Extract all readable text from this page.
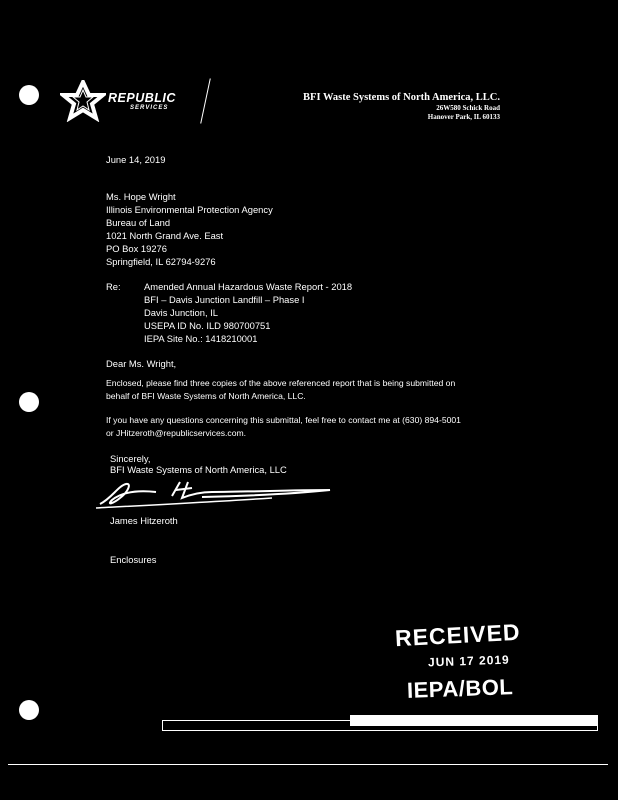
REPUBLIC
SERVICES
BFI Waste Systems of North America, LLC.
26W580 Schick Road
Hanover Park, IL 60133
June 14, 2019
Ms. Hope Wright
Illinois Environmental Protection Agency
Bureau of Land
1021 North Grand Ave. East
PO Box 19276
Springfield, IL 62794-9276
Re: Amended Annual Hazardous Waste Report - 2018
BFI – Davis Junction Landfill – Phase I
Davis Junction, IL
USEPA ID No. ILD 980700751
IEPA Site No.: 1418210001
Dear Ms. Wright,
Enclosed, please find three copies of the above referenced report that is being submitted on
behalf of BFI Waste Systems of North America, LLC.
If you have any questions concerning this submittal, feel free to contact me at (630) 894-5001
or JHitzeroth@republicservices.com.
Sincerely,
BFI Waste Systems of North America, LLC
James Hitzeroth
Enclosures
RECEIVED
JUN 17 2019
IEPA/BOL
